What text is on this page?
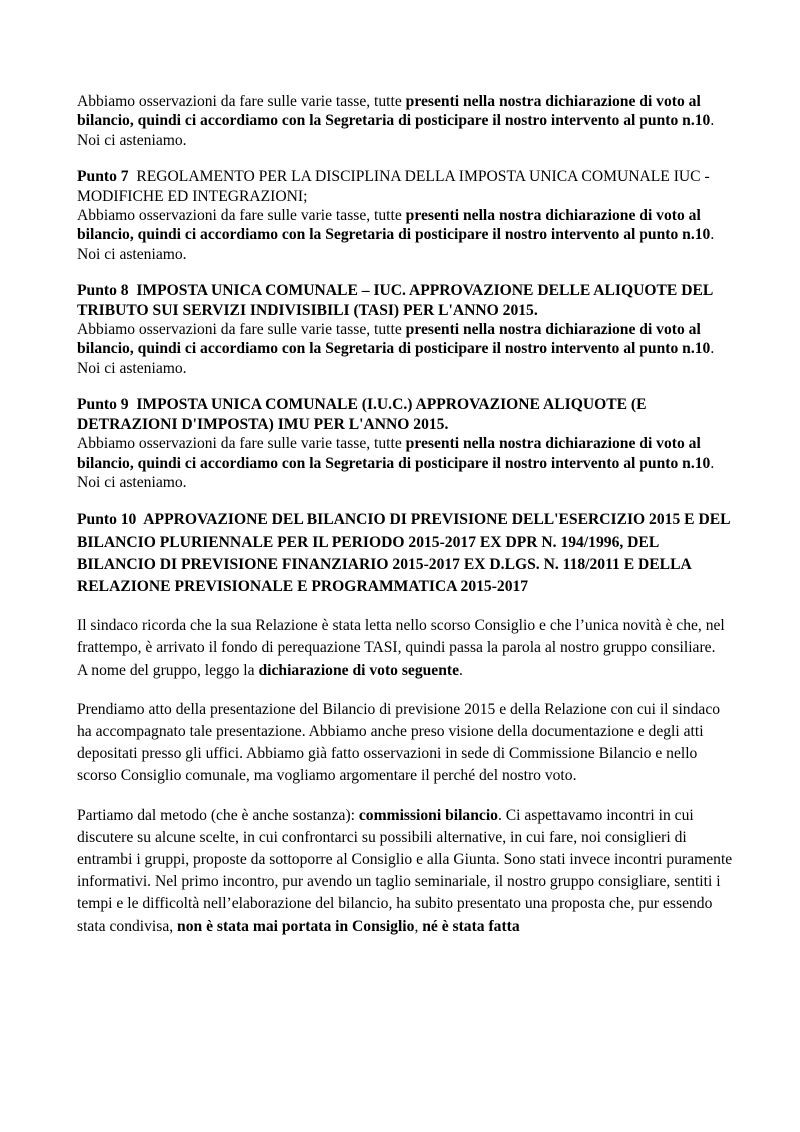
Abbiamo osservazioni da fare sulle varie tasse, tutte presenti nella nostra dichiarazione di voto al bilancio, quindi ci accordiamo con la Segretaria di posticipare il nostro intervento al punto n.10.

Noi ci asteniamo.

Punto 7 REGOLAMENTO PER LA DISCIPLINA DELLA IMPOSTA UNICA COMUNALE IUC -MODIFICHE ED INTEGRAZIONI;

Abbiamo osservazioni da fare sulle varie tasse, tutte presenti nella nostra dichiarazione di voto al bilancio, quindi ci accordiamo con la Segretaria di posticipare il nostro intervento al punto n.10.

Noi ci asteniamo.

Punto 8 IMPOSTA UNICA COMUNALE – IUC. APPROVAZIONE DELLE ALIQUOTE DEL TRIBUTO SUI SERVIZI INDIVISIBILI (TASI) PER L'ANNO 2015.

Abbiamo osservazioni da fare sulle varie tasse, tutte presenti nella nostra dichiarazione di voto al bilancio, quindi ci accordiamo con la Segretaria di posticipare il nostro intervento al punto n.10.

Noi ci asteniamo.

Punto 9 IMPOSTA UNICA COMUNALE (I.U.C.) APPROVAZIONE ALIQUOTE (E DETRAZIONI D'IMPOSTA) IMU PER L'ANNO 2015.

Abbiamo osservazioni da fare sulle varie tasse, tutte presenti nella nostra dichiarazione di voto al bilancio, quindi ci accordiamo con la Segretaria di posticipare il nostro intervento al punto n.10.

Noi ci asteniamo.

Punto 10 APPROVAZIONE DEL BILANCIO DI PREVISIONE DELL'ESERCIZIO 2015 E DEL BILANCIO PLURIENNALE PER IL PERIODO 2015-2017 EX DPR N. 194/1996, DEL BILANCIO DI PREVISIONE FINANZIARIO 2015-2017 EX D.LGS. N. 118/2011 E DELLA RELAZIONE PREVISIONALE E PROGRAMMATICA 2015-2017

Il sindaco ricorda che la sua Relazione è stata letta nello scorso Consiglio e che l’unica novità è che, nel frattempo, è arrivato il fondo di perequazione TASI, quindi passa la parola al nostro gruppo consiliare.

A nome del gruppo, leggo la dichiarazione di voto seguente.

Prendiamo atto della presentazione del Bilancio di previsione 2015 e della Relazione con cui il sindaco ha accompagnato tale presentazione. Abbiamo anche preso visione della documentazione e degli atti depositati presso gli uffici. Abbiamo già fatto osservazioni in sede di Commissione Bilancio e nello scorso Consiglio comunale, ma vogliamo argomentare il perché del nostro voto.

Partiamo dal metodo (che è anche sostanza): commissioni bilancio. Ci aspettavamo incontri in cui discutere su alcune scelte, in cui confrontarci su possibili alternative, in cui fare, noi consiglieri di entrambi i gruppi, proposte da sottoporre al Consiglio e alla Giunta. Sono stati invece incontri puramente informativi. Nel primo incontro, pur avendo un taglio seminariale, il nostro gruppo consigliare, sentiti i tempi e le difficoltà nell’elaborazione del bilancio, ha subito presentato una proposta che, pur essendo stata condivisa, non è stata mai portata in Consiglio, né è stata fatta
